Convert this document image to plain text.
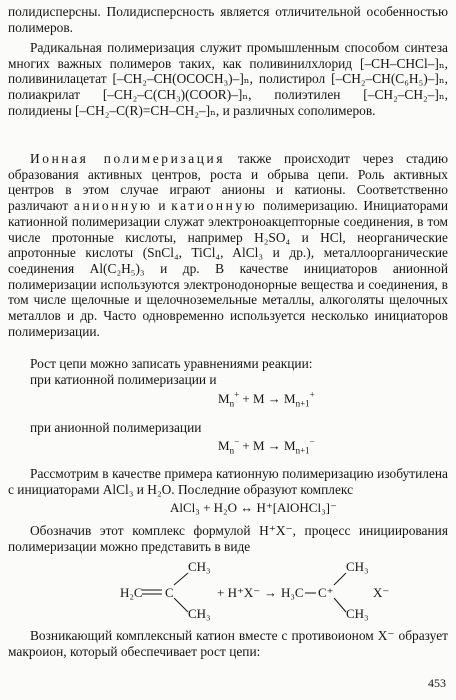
полидисперсны. Полидисперсность является отличительной особенностью полимеров.
Радикальная полимеризация служит промышленным способом синтеза многих важных полимеров таких, как поливинилхлорид [–CH–CHCl–]ₙ, поливинилацетат [–CH₂–CH(OCOCH₃)–]ₙ, полистирол [–CH₂–CH(C₆H₅)–]ₙ, полиакрилат [–CH₂–C(CH₃)(COOR)–]ₙ, полиэтилен [–CH₂–CH₂–]ₙ, полидиены [–CH₂–C(R)=CH–CH₂–]ₙ, и различных сополимеров.
Ионная полимеризация также происходит через стадию образования активных центров, роста и обрыва цепи. Роль активных центров в этом случае играют анионы и катионы. Соответственно различают анионную и катионную полимеризацию. Инициаторами катионной полимеризации служат электроноакцепторные соединения, в том числе протонные кислоты, например H₂SO₄ и HCl, неорганические апротонные кислоты (SnCl₄, TiCl₄, AlCl₃ и др.), металлоорганические соединения Al(C₂H₅)₃ и др. В качестве инициаторов анионной полимеризации используются электронодонорные вещества и соединения, в том числе щелочные и щелочноземельные металлы, алкоголяты щелочных металлов и др. Часто одновременно используется несколько инициаторов полимеризации.
Рост цепи можно записать уравнениями реакции:
при катионной полимеризации и
$M_n^+ + M \to M_{n+1}^+$
при анионной полимеризации
$M_n^- + M \to M_{n+1}^-$
Рассмотрим в качестве примера катионную полимеризацию изобутилена с инициаторами AlCl₃ и H₂O. Последние образуют комплекс
AlCl₃ + H₂O ↔ H⁺[AlOHCl₃]⁻
Обозначив этот комплекс формулой H⁺X⁻, процесс инициирования полимеризации можно представить в виде
H₂C C
CH₃
CH₃
+ H⁺X⁻ → H₃C C⁺
CH₃
CH₃
X⁻
Возникающий комплексный катион вместе с противоионом X⁻ образует макроион, который обеспечивает рост цепи:
453
